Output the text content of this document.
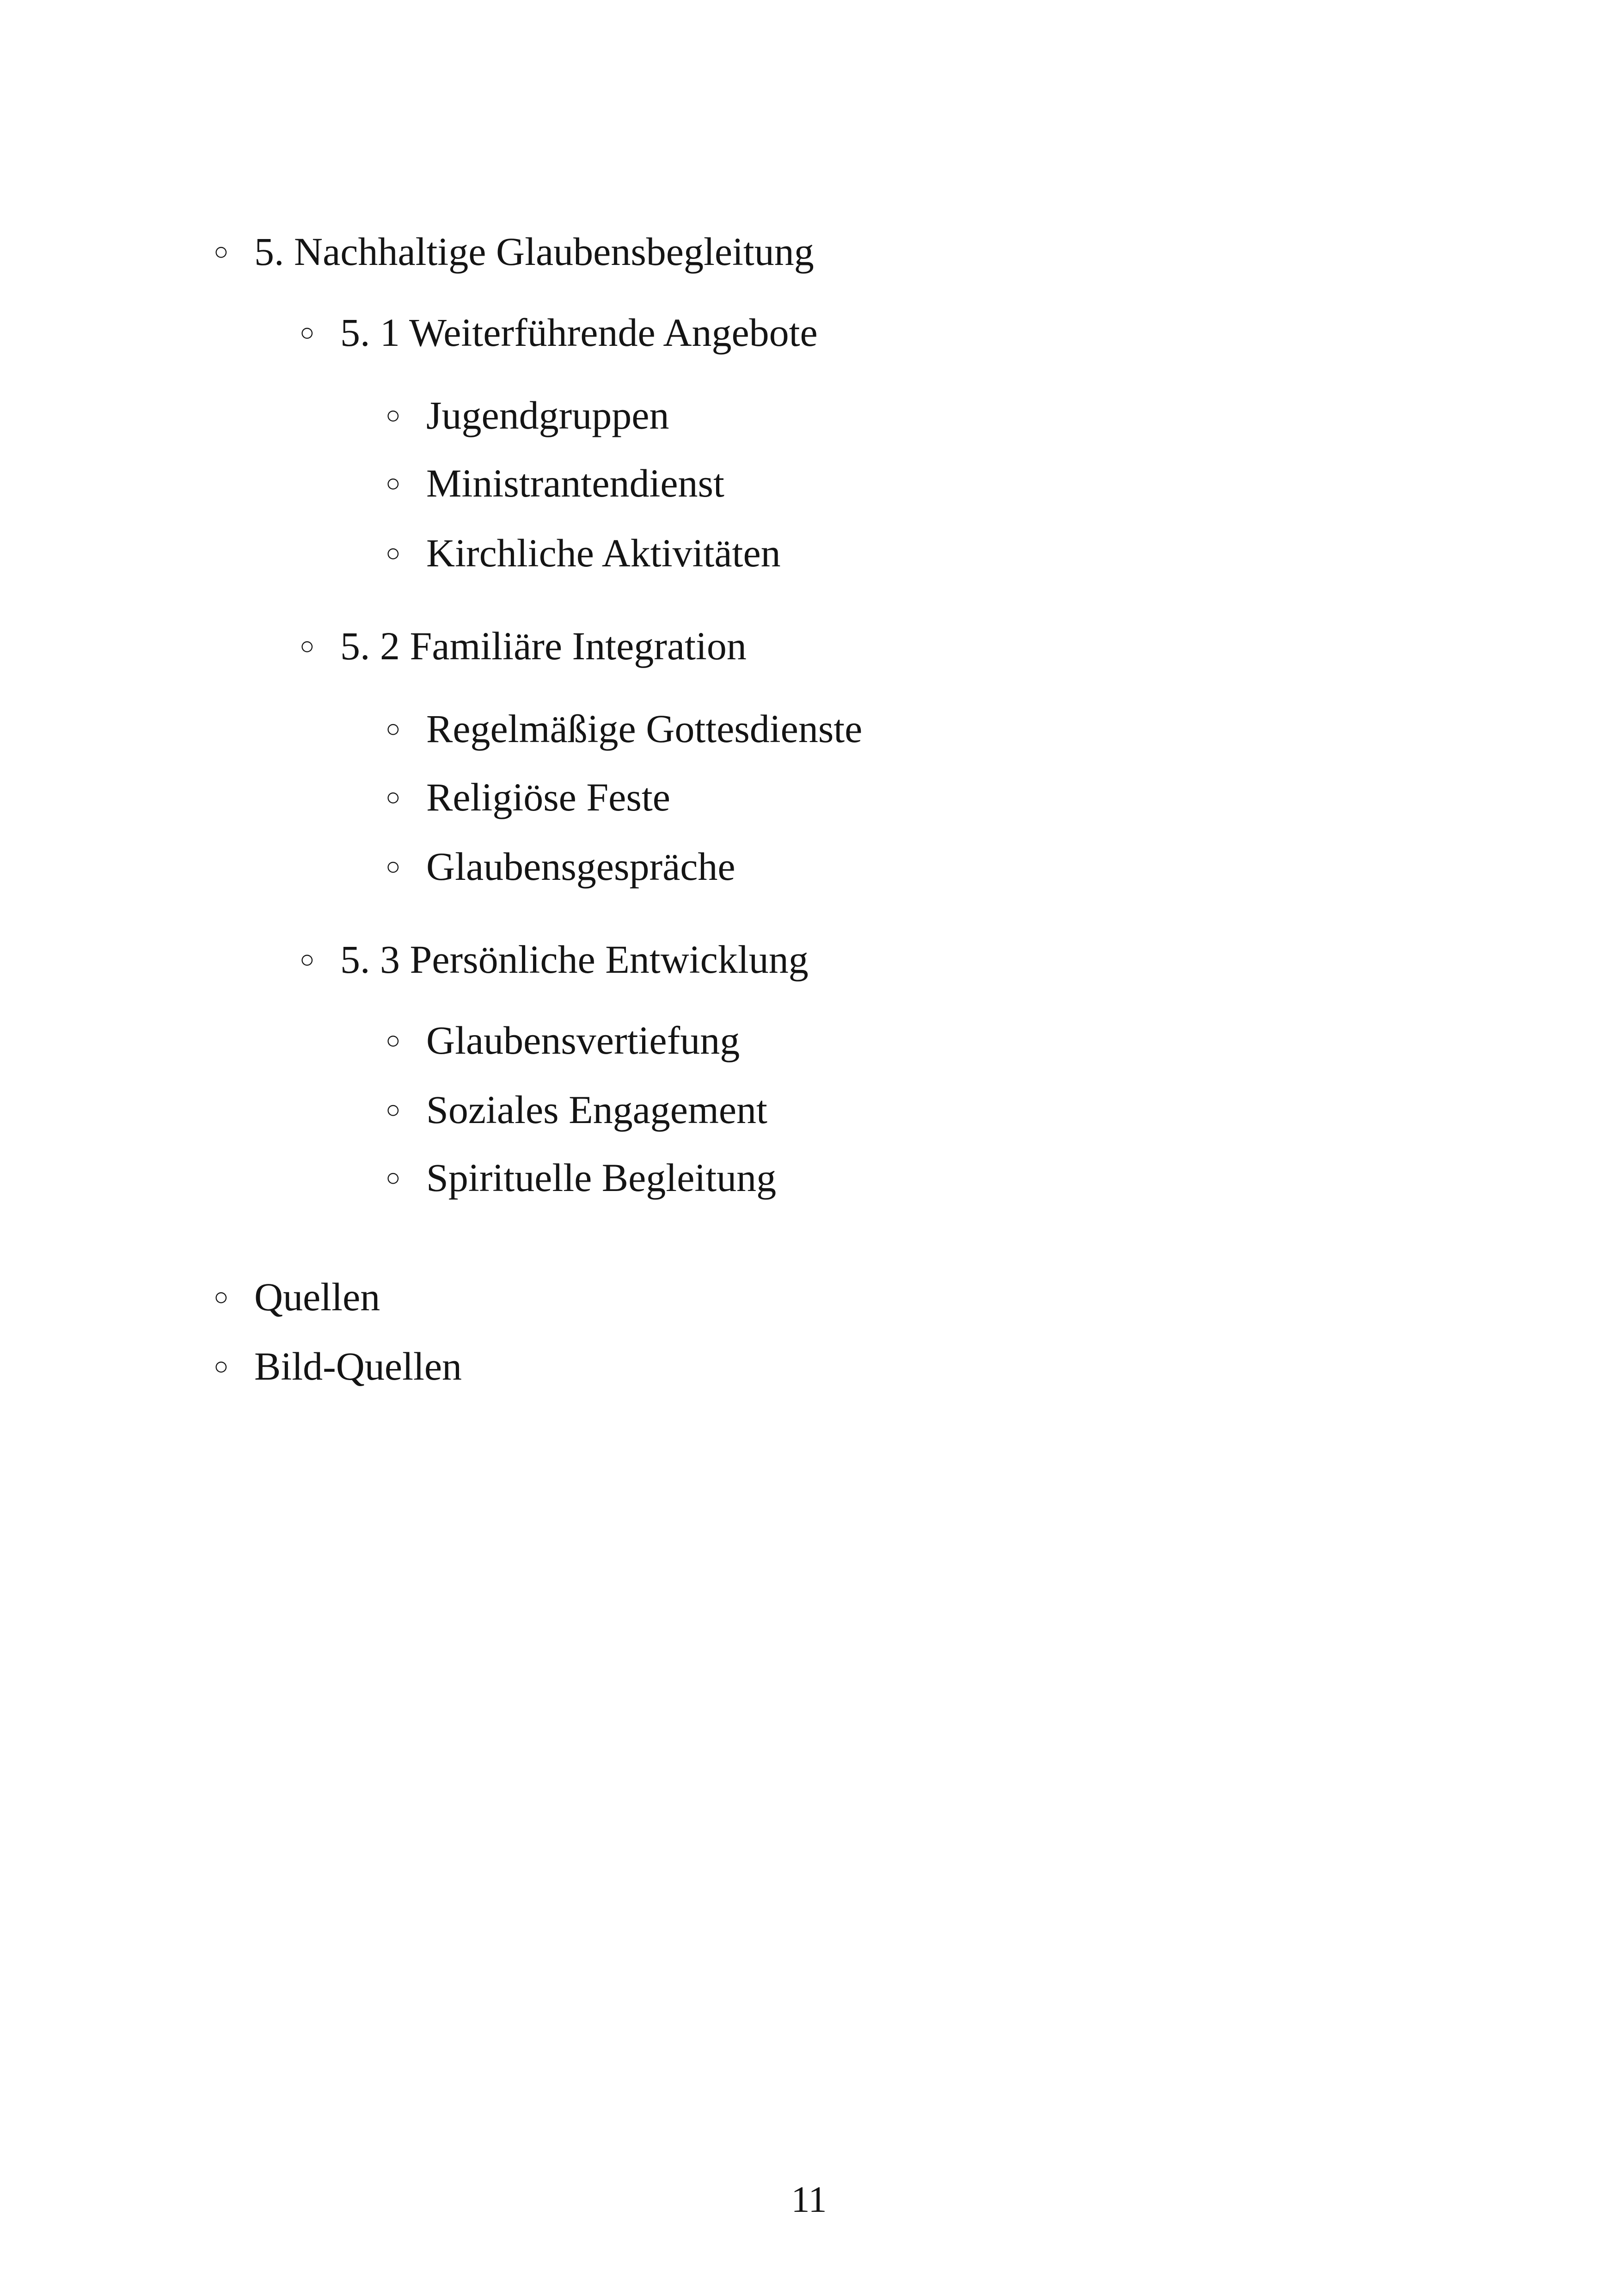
○ 5. Nachhaltige Glaubensbegleitung
○ 5. 1 Weiterführende Angebote
○ Jugendgruppen
○ Ministrantendienst
○ Kirchliche Aktivitäten
○ 5. 2 Familiäre Integration
○ Regelmäßige Gottesdienste
○ Religiöse Feste
○ Glaubensgespräche
○ 5. 3 Persönliche Entwicklung
○ Glaubensvertiefung
○ Soziales Engagement
○ Spirituelle Begleitung
○ Quellen
○ Bild-Quellen
11
